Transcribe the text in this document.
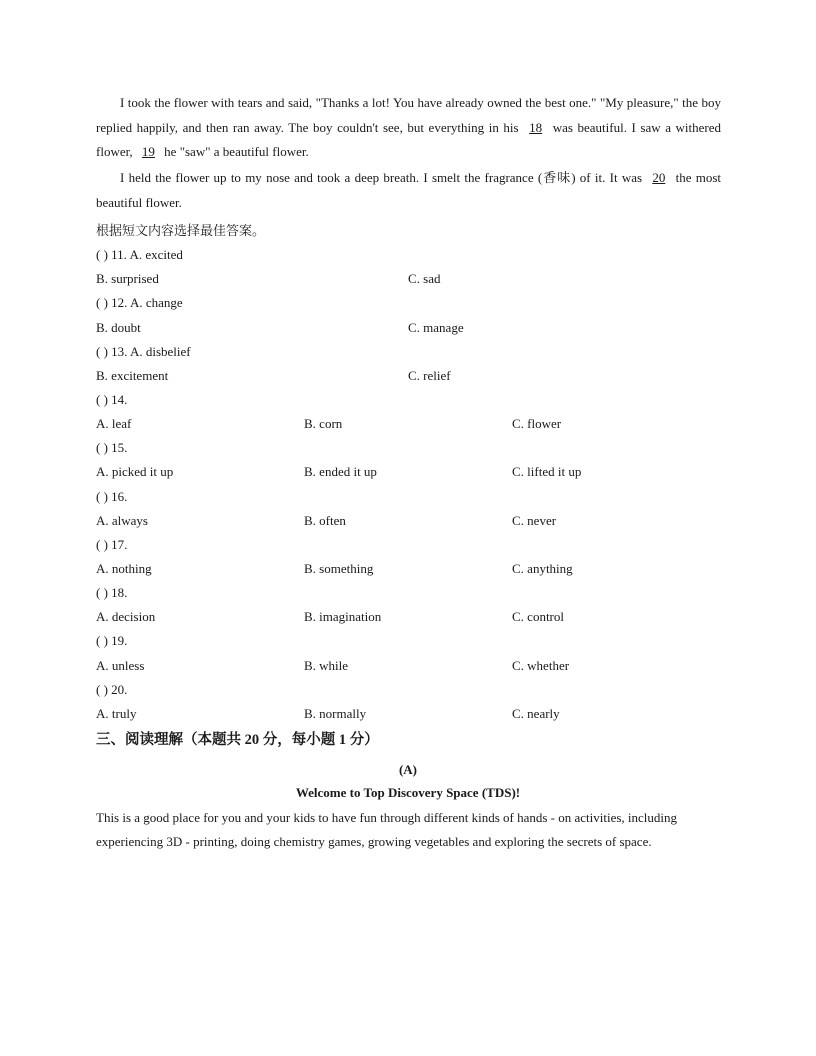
I took the flower with tears and said, "Thanks a lot! You have already owned the best one." "My pleasure," the boy replied happily, and then ran away. The boy couldn't see, but everything in his 18 was beautiful. I saw a withered flower, 19 he "saw" a beautiful flower.
I held the flower up to my nose and took a deep breath. I smelt the fragrance (香味) of it. It was 20 the most beautiful flower.
根据短文内容选择最佳答案。
( ) 11. A. excited
B. surprised	C. sad
( ) 12. A. change
B. doubt	C. manage
( ) 13. A. disbelief
B. excitement	C. relief
( ) 14.
A. leaf	B. corn	C. flower
( ) 15.
A. picked it up	B. ended it up	C. lifted it up
( ) 16.
A. always	B. often	C. never
( ) 17.
A. nothing	B. something	C. anything
( ) 18.
A. decision	B. imagination	C. control
( ) 19.
A. unless	B. while	C. whether
( ) 20.
A. truly	B. normally	C. nearly
三、阅读理解（本题共 20 分，每小题 1 分）
(A)
Welcome to Top Discovery Space (TDS)!
This is a good place for you and your kids to have fun through different kinds of hands - on activities, including experiencing 3D - printing, doing chemistry games, growing vegetables and exploring the secrets of space.
